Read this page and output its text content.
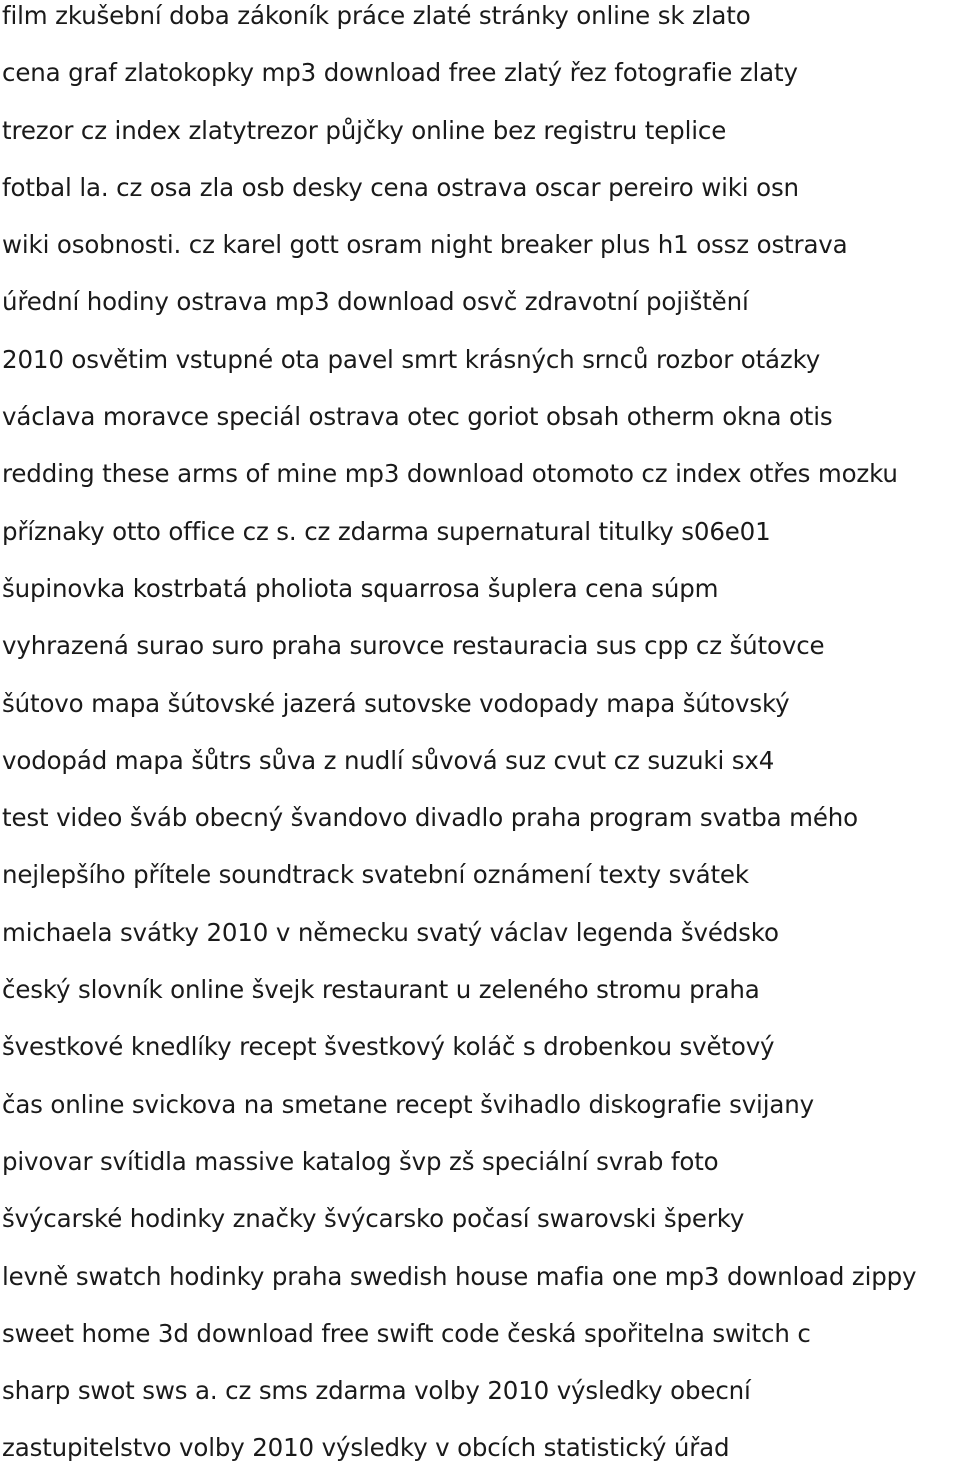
film zkušební doba zákoník práce zlaté stránky online sk zlato
cena graf zlatokopky mp3 download free zlatý řez fotografie zlaty
trezor cz index zlatytrezor půjčky online bez registru teplice
fotbal la. cz osa zla osb desky cena ostrava oscar pereiro wiki osn
wiki osobnosti. cz karel gott osram night breaker plus h1 ossz ostrava
úřední hodiny ostrava mp3 download osvč zdravotní pojištění
2010 osvětim vstupné ota pavel smrt krásných srnců rozbor otázky
václava moravce speciál ostrava otec goriot obsah otherm okna otis
redding these arms of mine mp3 download otomoto cz index otřes mozku
příznaky otto office cz s. cz zdarma supernatural titulky s06e01
šupinovka kostrbatá pholiota squarrosa šuplera cena súpm
vyhrazená surao suro praha surovce restauracia sus cpp cz šútovce
šútovo mapa šútovské jazerá sutovske vodopady mapa šútovský
vodopád mapa šůtrs sůva z nudlí sůvová suz cvut cz suzuki sx4
test video šváb obecný švandovo divadlo praha program svatba mého
nejlepšího přítele soundtrack svatební oznámení texty svátek
michaela svátky 2010 v německu svatý václav legenda švédsko
český slovník online švejk restaurant u zeleného stromu praha
švestkové knedlíky recept švestkový koláč s drobenkou světový
čas online svickova na smetane recept švihadlo diskografie svijany
pivovar svítidla massive katalog švp zš speciální svrab foto
švýcarské hodinky značky švýcarsko počasí swarovski šperky
levně swatch hodinky praha swedish house mafia one mp3 download zippy
sweet home 3d download free swift code česká spořitelna switch c
sharp swot sws a. cz sms zdarma volby 2010 výsledky obecní
zastupitelstvo volby 2010 výsledky v obcích statistický úřad
